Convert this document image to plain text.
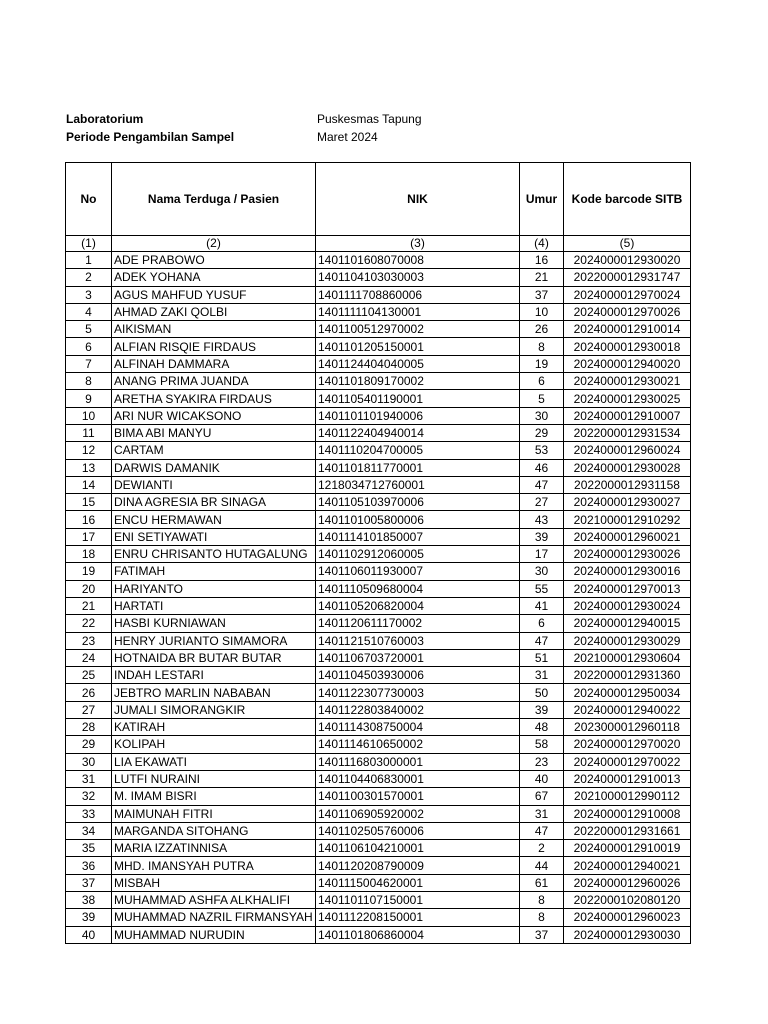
Laboratorium	Puskesmas Tapung
Periode Pengambilan Sampel	Maret 2024
No	Nama Terduga / Pasien	NIK	Umur	Kode barcode SITB
(1)	(2)	(3)	(4)	(5)
1	ADE PRABOWO	1401101608070008	16	2024000012930020
2	ADEK YOHANA	1401104103030003	21	2022000012931747
3	AGUS MAHFUD YUSUF	1401111708860006	37	2024000012970024
4	AHMAD ZAKI QOLBI	1401111104130001	10	2024000012970026
5	AIKISMAN	1401100512970002	26	2024000012910014
6	ALFIAN RISQIE FIRDAUS	1401101205150001	8	2024000012930018
7	ALFINAH DAMMARA	1401124404040005	19	2024000012940020
8	ANANG PRIMA JUANDA	1401101809170002	6	2024000012930021
9	ARETHA SYAKIRA FIRDAUS	1401105401190001	5	2024000012930025
10	ARI NUR WICAKSONO	1401101101940006	30	2024000012910007
11	BIMA ABI MANYU	1401122404940014	29	2022000012931534
12	CARTAM	1401110204700005	53	2024000012960024
13	DARWIS DAMANIK	1401101811770001	46	2024000012930028
14	DEWIANTI	1218034712760001	47	2022000012931158
15	DINA AGRESIA BR SINAGA	1401105103970006	27	2024000012930027
16	ENCU HERMAWAN	1401101005800006	43	2021000012910292
17	ENI SETIYAWATI	1401114101850007	39	2024000012960021
18	ENRU CHRISANTO HUTAGALUNG	1401102912060005	17	2024000012930026
19	FATIMAH	1401106011930007	30	2024000012930016
20	HARIYANTO	1401110509680004	55	2024000012970013
21	HARTATI	1401105206820004	41	2024000012930024
22	HASBI KURNIAWAN	1401120611170002	6	2024000012940015
23	HENRY JURIANTO SIMAMORA	1401121510760003	47	2024000012930029
24	HOTNAIDA BR BUTAR BUTAR	1401106703720001	51	2021000012930604
25	INDAH LESTARI	1401104503930006	31	2022000012931360
26	JEBTRO MARLIN NABABAN	1401122307730003	50	2024000012950034
27	JUMALI SIMORANGKIR	1401122803840002	39	2024000012940022
28	KATIRAH	1401114308750004	48	2023000012960118
29	KOLIPAH	1401114610650002	58	2024000012970020
30	LIA EKAWATI	1401116803000001	23	2024000012970022
31	LUTFI NURAINI	1401104406830001	40	2024000012910013
32	M. IMAM BISRI	1401100301570001	67	2021000012990112
33	MAIMUNAH FITRI	1401106905920002	31	2024000012910008
34	MARGANDA SITOHANG	1401102505760006	47	2022000012931661
35	MARIA IZZATINNISA	1401106104210001	2	2024000012910019
36	MHD. IMANSYAH PUTRA	1401120208790009	44	2024000012940021
37	MISBAH	1401115004620001	61	2024000012960026
38	MUHAMMAD ASHFA ALKHALIFI	1401101107150001	8	2022000102080120
39	MUHAMMAD NAZRIL FIRMANSYAH	1401112208150001	8	2024000012960023
40	MUHAMMAD NURUDIN	1401101806860004	37	2024000012930030
